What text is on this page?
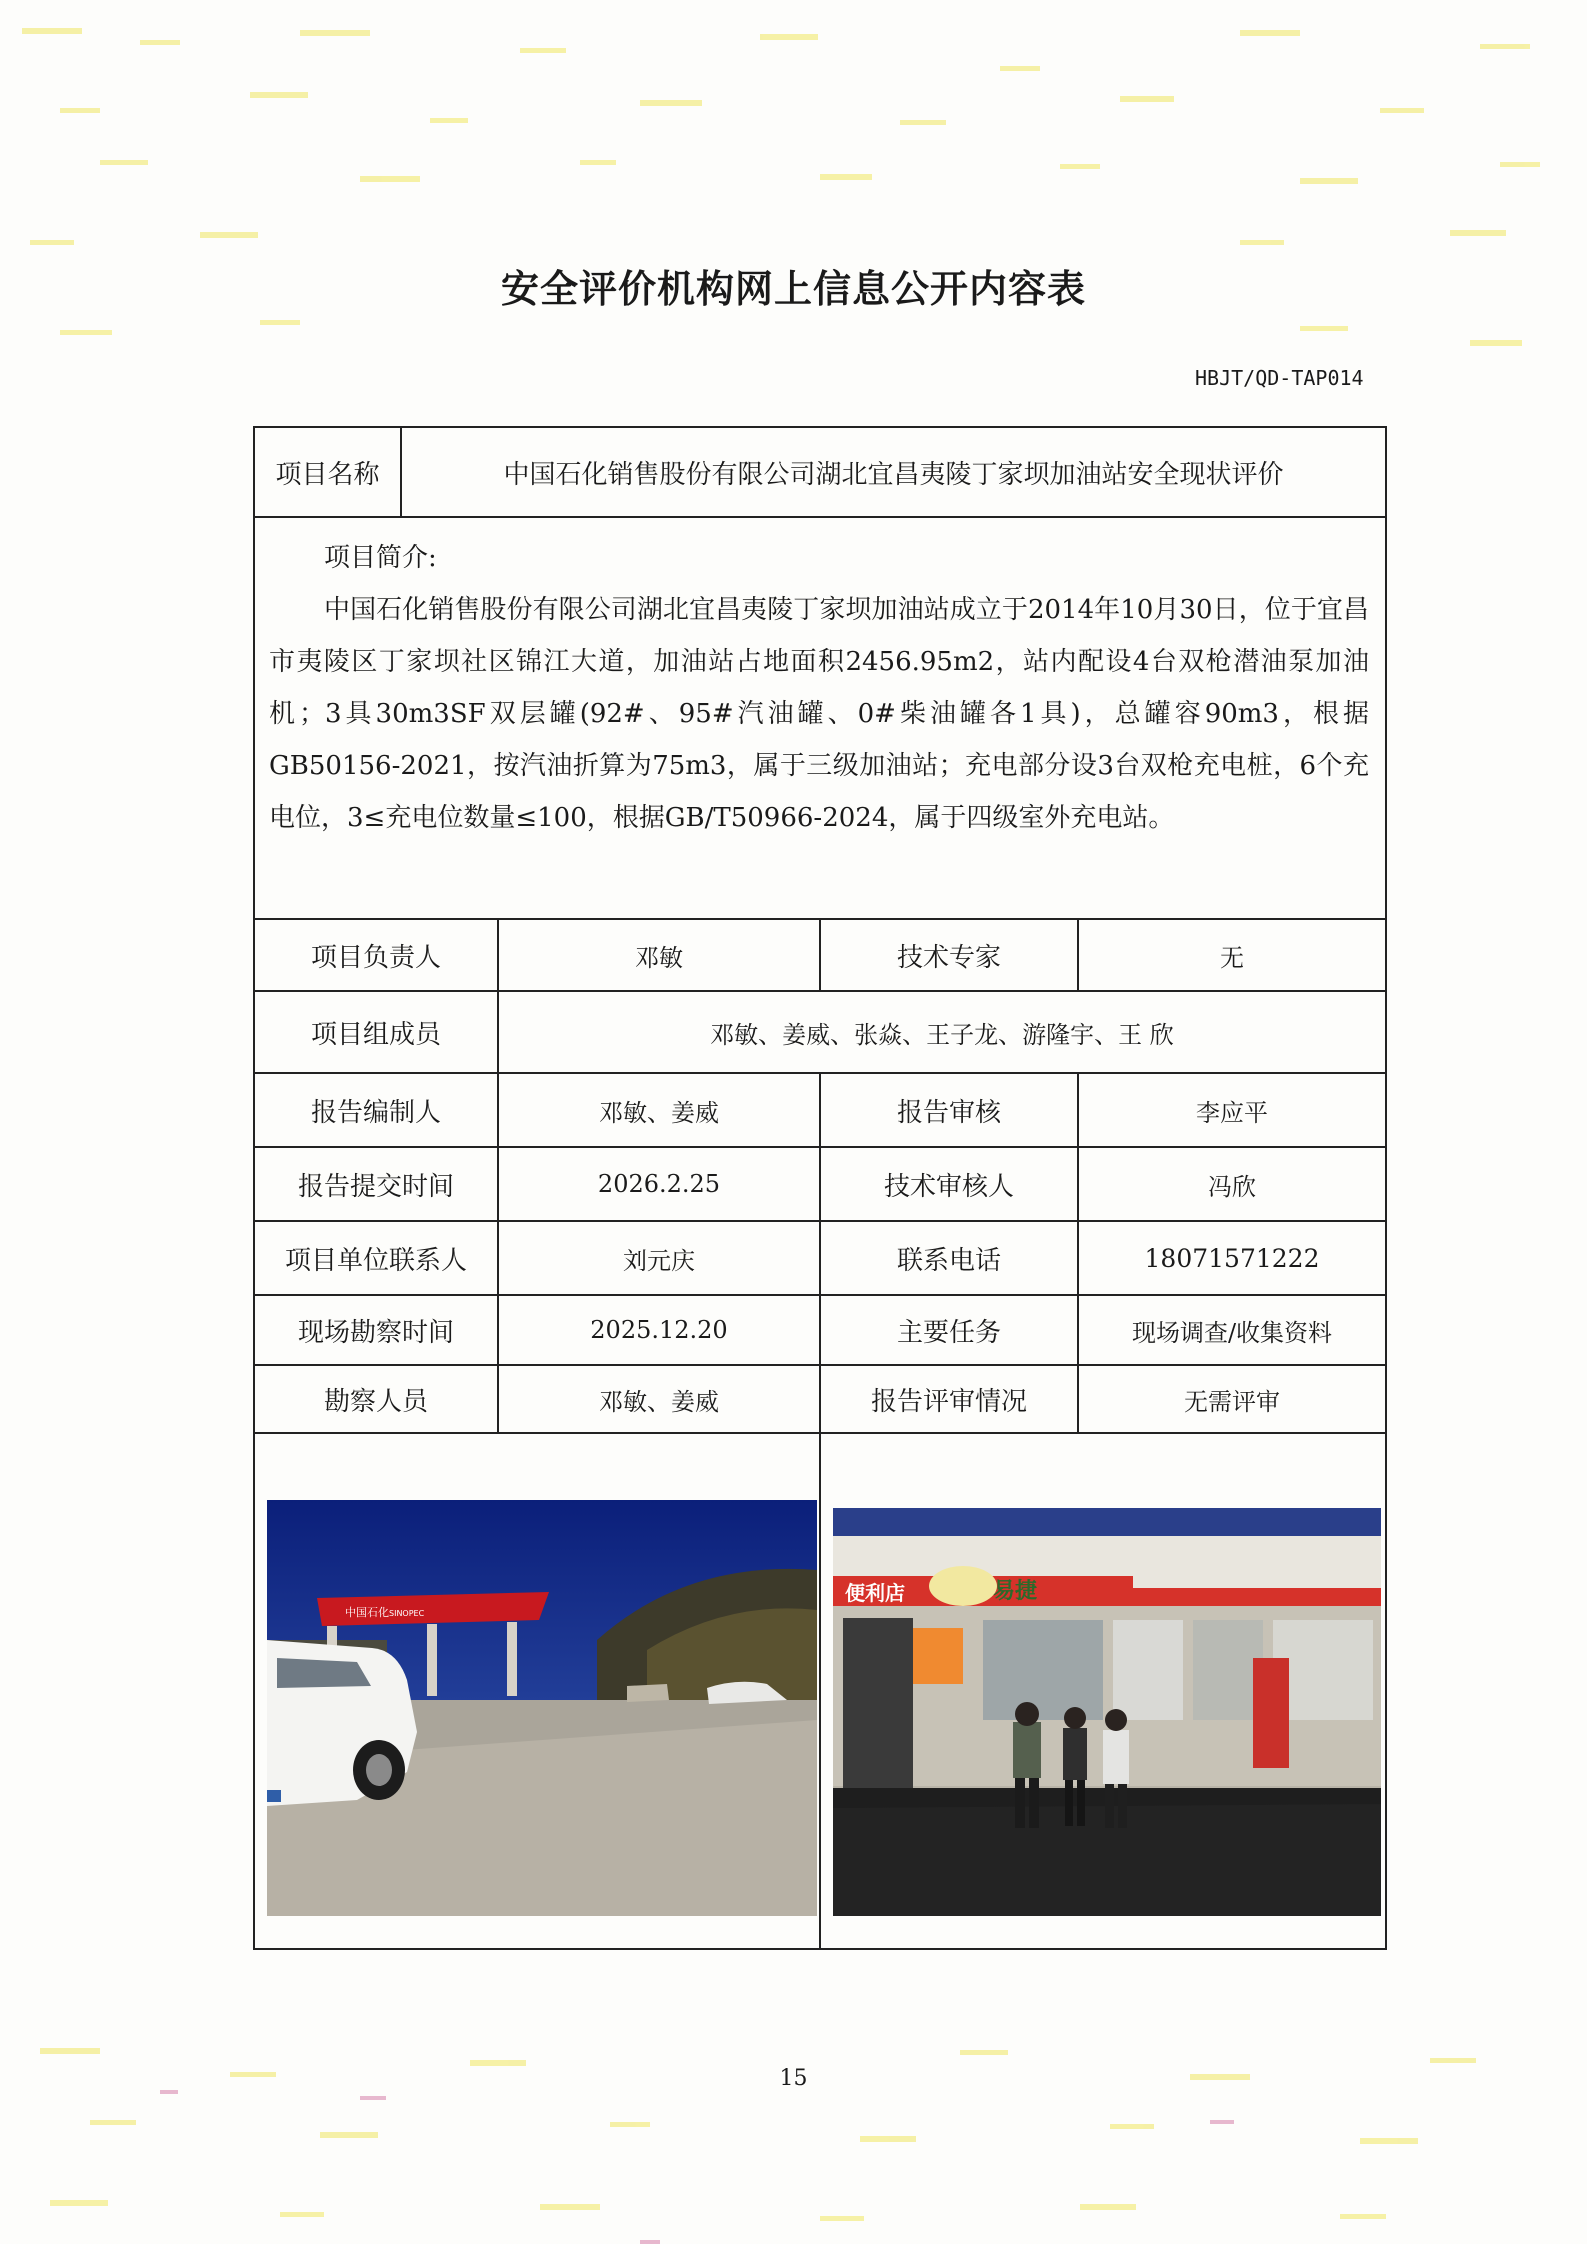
安全评价机构网上信息公开内容表
HBJT/QD-TAP014
项目名称	中国石化销售股份有限公司湖北宜昌夷陵丁家坝加油站安全现状评价
项目简介:
中国石化销售股份有限公司湖北宜昌夷陵丁家坝加油站成立于2014年10月30日，位于宜昌市夷陵区丁家坝社区锦江大道，加油站占地面积2456.95m2，站内配设4台双枪潜油泵加油机；3具30m3SF双层罐(92#、95#汽油罐、0#柴油罐各1具)，总罐容90m3，根据GB50156-2021，按汽油折算为75m3，属于三级加油站；充电部分设3台双枪充电桩，6个充电位，3≤充电位数量≤100，根据GB/T50966-2024，属于四级室外充电站。
项目负责人	邓敏	技术专家	无
项目组成员	邓敏、姜威、张焱、王子龙、游隆宇、王 欣
报告编制人	邓敏、姜威	报告审核	李应平
报告提交时间	2026.2.25	技术审核人	冯欣
项目单位联系人	刘元庆	联系电话	18071571222
现场勘察时间	2025.12.20	主要任务	现场调查/收集资料
勘察人员	邓敏、姜威	报告评审情况	无需评审
中国石化 SINOPEC
便利店	易捷
15
